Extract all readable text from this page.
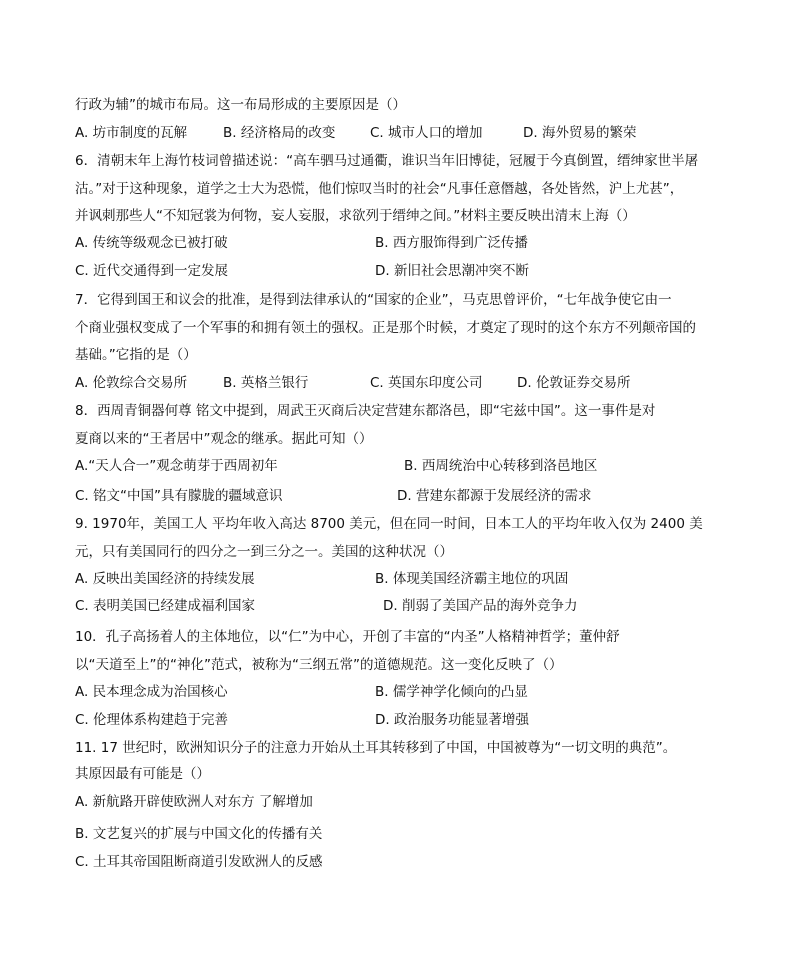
行政为辅”的城市布局。这一布局形成的主要原因是（）
A. 坊市制度的瓦解	B. 经济格局的改变	C. 城市人口的增加	D. 海外贸易的繁荣
6．清朝末年上海竹枝词曾描述说：“高车驷马过通衢，谁识当年旧博徒，冠履于今真倒置，缙绅家世半屠
沽。”对于这种现象，道学之士大为恐慌，他们惊叹当时的社会“凡事任意僭越，各处皆然，沪上尤甚”，
并讽刺那些人“不知冠裳为何物，妄人妄服，求欲列于缙绅之间。”材料主要反映出清末上海（）
A. 传统等级观念已被打破	B. 西方服饰得到广泛传播
C. 近代交通得到一定发展	D. 新旧社会思潮冲突不断
7．它得到国王和议会的批准，是得到法律承认的“国家的企业”，马克思曾评价，“七年战争使它由一
个商业强权变成了一个军事的和拥有领土的强权。正是那个时候，才奠定了现时的这个东方不列颠帝国的
基础。”它指的是（）
A. 伦敦综合交易所	B. 英格兰银行	C. 英国东印度公司	D. 伦敦证券交易所
8．西周青铜器何尊 铭文中提到，周武王灭商后决定营建东都洛邑，即“宅兹中国”。这一事件是对
夏商以来的“王者居中”观念的继承。据此可知（）
A.“天人合一”观念萌芽于西周初年	B. 西周统治中心转移到洛邑地区
C. 铭文“中国”具有朦胧的疆域意识	D. 营建东都源于发展经济的需求
9. 1970年，美国工人 平均年收入高达 8700 美元，但在同一时间，日本工人的平均年收入仅为 2400 美
元，只有美国同行的四分之一到三分之一。美国的这种状况（）
A. 反映出美国经济的持续发展	B. 体现美国经济霸主地位的巩固
C. 表明美国已经建成福利国家	D. 削弱了美国产品的海外竞争力
10．孔子高扬着人的主体地位，以“仁”为中心，开创了丰富的“内圣”人格精神哲学；董仲舒
以“天道至上”的“神化”范式，被称为“三纲五常”的道德规范。这一变化反映了（）
A. 民本理念成为治国核心	B. 儒学神学化倾向的凸显
C. 伦理体系构建趋于完善	D. 政治服务功能显著增强
11. 17 世纪时，欧洲知识分子的注意力开始从土耳其转移到了中国，中国被尊为“一切文明的典范”。
其原因最有可能是（）
A. 新航路开辟使欧洲人对东方 了解增加
B. 文艺复兴的扩展与中国文化的传播有关
C. 土耳其帝国阻断商道引发欧洲人的反感
